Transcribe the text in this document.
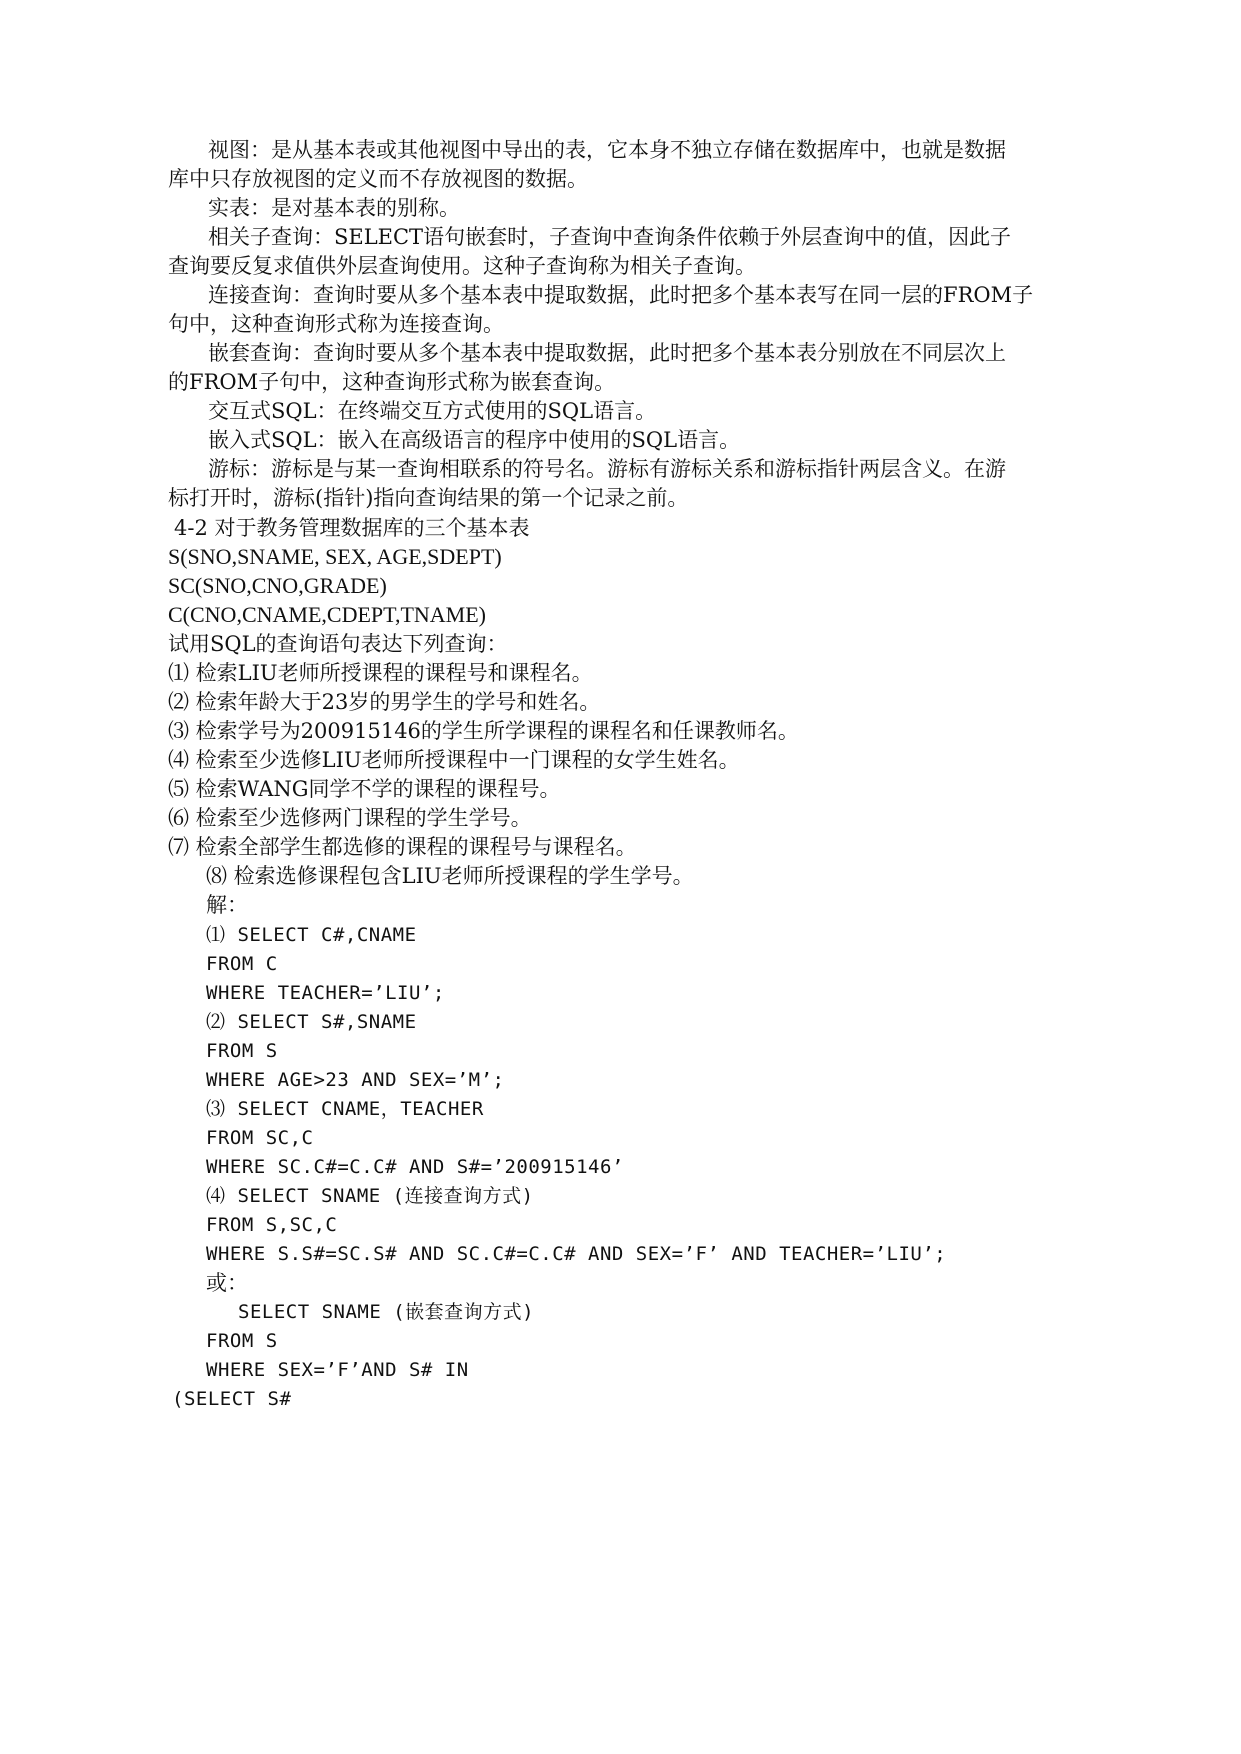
视图：是从基本表或其他视图中导出的表，它本身不独立存储在数据库中，也就是数据

库中只存放视图的定义而不存放视图的数据。

实表：是对基本表的别称。

相关子查询：SELECT语句嵌套时，子查询中查询条件依赖于外层查询中的值，因此子

查询要反复求值供外层查询使用。这种子查询称为相关子查询。

连接查询：查询时要从多个基本表中提取数据，此时把多个基本表写在同一层的FROM子

句中，这种查询形式称为连接查询。

嵌套查询：查询时要从多个基本表中提取数据，此时把多个基本表分别放在不同层次上

的FROM子句中，这种查询形式称为嵌套查询。

交互式SQL：在终端交互方式使用的SQL语言。

嵌入式SQL：嵌入在高级语言的程序中使用的SQL语言。

游标：游标是与某一查询相联系的符号名。游标有游标关系和游标指针两层含义。在游

标打开时，游标(指针)指向查询结果的第一个记录之前。

4-2 对于教务管理数据库的三个基本表

S(SNO,SNAME, SEX, AGE,SDEPT)

SC(SNO,CNO,GRADE)

C(CNO,CNAME,CDEPT,TNAME)

试用SQL的查询语句表达下列查询：

⑴ 检索LIU老师所授课程的课程号和课程名。

⑵ 检索年龄大于23岁的男学生的学号和姓名。

⑶ 检索学号为200915146的学生所学课程的课程名和任课教师名。

⑷ 检索至少选修LIU老师所授课程中一门课程的女学生姓名。

⑸ 检索WANG同学不学的课程的课程号。

⑹ 检索至少选修两门课程的学生学号。

⑺ 检索全部学生都选修的课程的课程号与课程名。

⑻ 检索选修课程包含LIU老师所授课程的学生学号。

解：

⑴ SELECT C#,CNAME

FROM C

WHERE TEACHER=’LIU’;

⑵ SELECT S#,SNAME

FROM S

WHERE AGE>23 AND SEX=’M’;

⑶ SELECT CNAME，TEACHER

FROM SC,C

WHERE SC.C#=C.C# AND S#=’200915146’

⑷ SELECT SNAME (连接查询方式)

FROM S,SC,C

WHERE S.S#=SC.S# AND SC.C#=C.C# AND SEX=’F’ AND TEACHER=’LIU’;

或：

SELECT SNAME (嵌套查询方式)

FROM S

WHERE SEX=’F’AND S# IN

(SELECT S#
